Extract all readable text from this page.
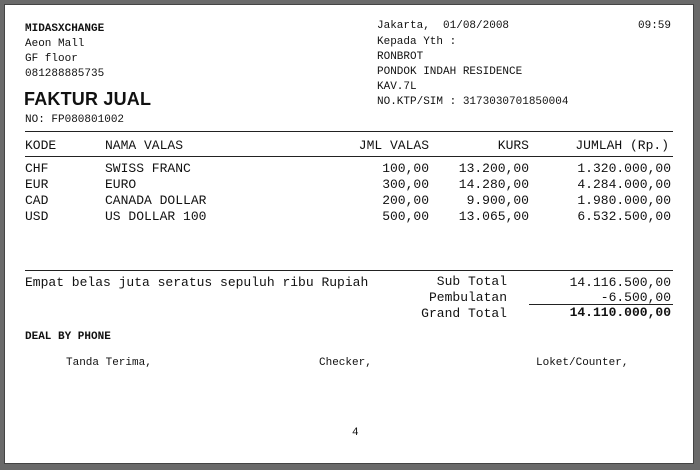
MIDASXCHANGE
Aeon Mall
GF floor
081288885735
FAKTUR JUAL
NO: FP080801002
Jakarta,  01/08/2008	09:59
Kepada Yth :
RONBROT
PONDOK INDAH RESIDENCE
KAV.7L
NO.KTP/SIM : 3173030701850004
KODE	NAMA VALAS	JML VALAS	KURS	JUMLAH (Rp.)
CHF	SWISS FRANC	100,00	13.200,00	1.320.000,00
EUR	EURO	300,00	14.280,00	4.284.000,00
CAD	CANADA DOLLAR	200,00	9.900,00	1.980.000,00
USD	US DOLLAR 100	500,00	13.065,00	6.532.500,00
Empat belas juta seratus sepuluh ribu Rupiah	Sub Total	14.116.500,00
Pembulatan	-6.500,00
Grand Total	14.110.000,00
DEAL BY PHONE
Tanda Terima,	Checker,	Loket/Counter,
4
